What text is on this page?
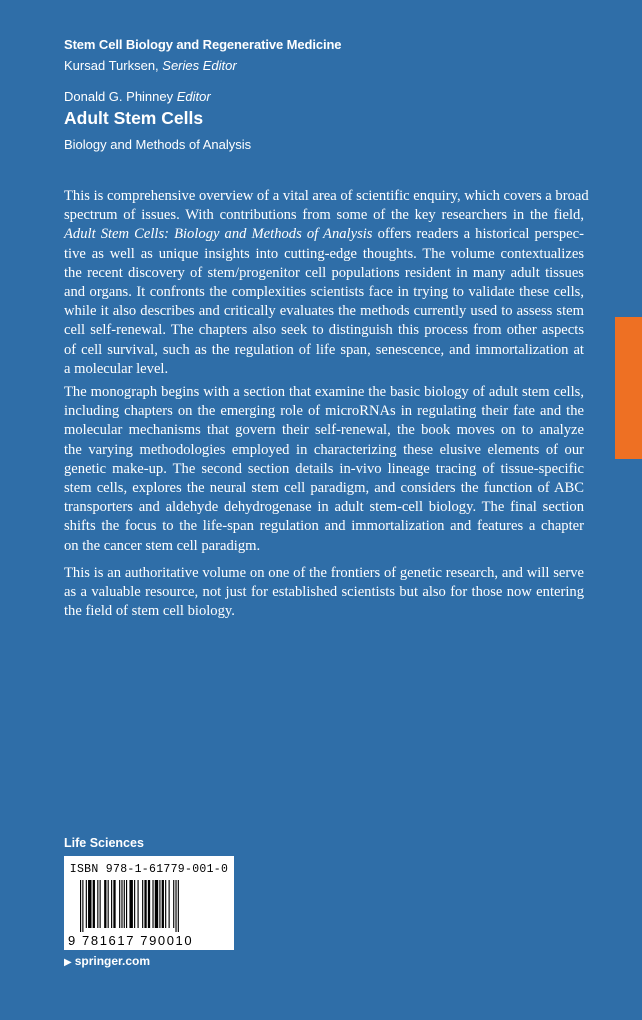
Stem Cell Biology and Regenerative Medicine
Kursad Turksen, Series Editor
Donald G. Phinney Editor
Adult Stem Cells
Biology and Methods of Analysis
This is comprehensive overview of a vital area of scientific enquiry, which covers a broad
spectrum of issues. With contributions from some of the key researchers in the field,
Adult Stem Cells: Biology and Methods of Analysis offers readers a historical perspec-
tive as well as unique insights into cutting-edge thoughts. The volume contextualizes
the recent discovery of stem/progenitor cell populations resident in many adult tissues
and organs. It confronts the complexities scientists face in trying to validate these cells,
while it also describes and critically evaluates the methods currently used to assess stem
cell self-renewal. The chapters also seek to distinguish this process from other aspects
of cell survival, such as the regulation of life span, senescence, and immortalization at
a molecular level.
The monograph begins with a section that examine the basic biology of adult stem cells,
including chapters on the emerging role of microRNAs in regulating their fate and the
molecular mechanisms that govern their self-renewal, the book moves on to analyze
the varying methodologies employed in characterizing these elusive elements of our
genetic make-up. The second section details in-vivo lineage tracing of tissue-specific
stem cells, explores the neural stem cell paradigm, and considers the function of ABC
transporters and aldehyde dehydrogenase in adult stem-cell biology. The final section
shifts the focus to the life-span regulation and immortalization and features a chapter
on the cancer stem cell paradigm.
This is an authoritative volume on one of the frontiers of genetic research, and will serve
as a valuable resource, not just for established scientists but also for those now entering
the field of stem cell biology.
Life Sciences
ISBN 978-1-61779-001-0
9 781617 790010
▶ springer.com
